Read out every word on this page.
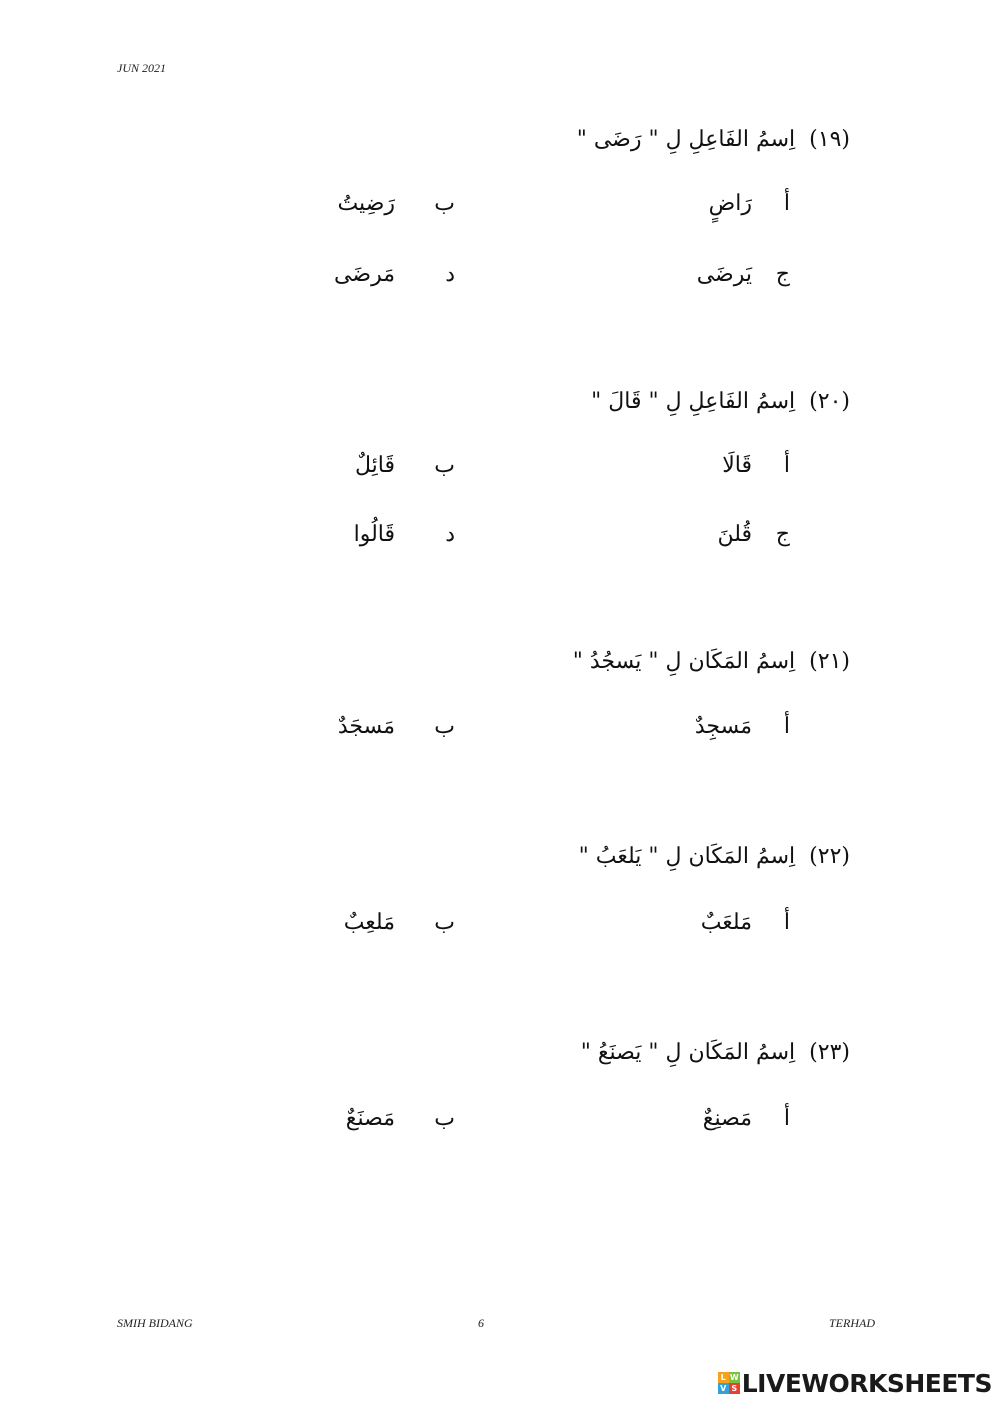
JUN 2021
(١٩)اِسمُ الفَاعِلِ لِ " رَضَى "
أرَاضٍ
برَضِيتُ
جيَرضَى
دمَرضَى
(٢٠)اِسمُ الفَاعِلِ لِ " قَالَ "
أقَالَا
بقَائِلٌ
جقُلنَ
دقَالُوا
(٢١)اِسمُ المَكَان لِ " يَسجُدُ "
أمَسجِدٌ
بمَسجَدٌ
(٢٢)اِسمُ المَكَان لِ " يَلعَبُ "
أمَلعَبٌ
بمَلعِبٌ
(٢٣)اِسمُ المَكَان لِ " يَصنَعُ "
أمَصنِعٌ
بمَصنَعٌ
SMIH BIDANG	6	TERHAD
L W
V S LIVEWORKSHEETS
